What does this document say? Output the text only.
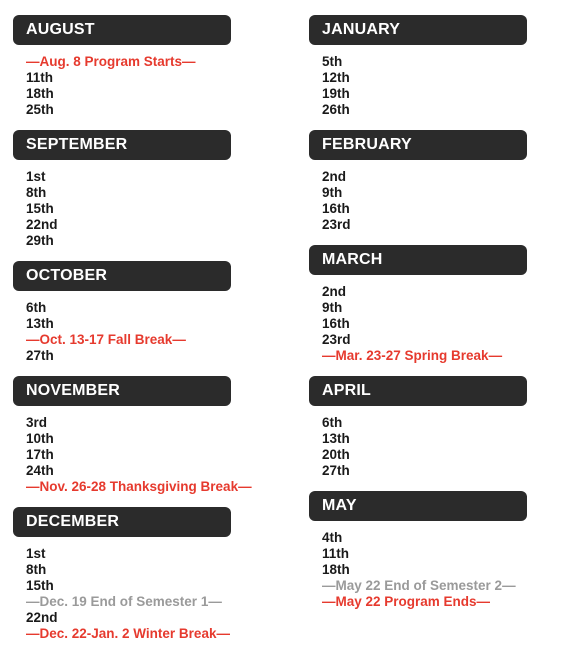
AUGUST
—Aug. 8 Program Starts—
11th
18th
25th
SEPTEMBER
1st
8th
15th
22nd
29th
OCTOBER
6th
13th
—Oct. 13-17 Fall Break—
27th
NOVEMBER
3rd
10th
17th
24th
—Nov. 26-28 Thanksgiving Break—
DECEMBER
1st
8th
15th
—Dec. 19 End of Semester 1—
22nd
—Dec. 22-Jan. 2 Winter Break—
JANUARY
5th
12th
19th
26th
FEBRUARY
2nd
9th
16th
23rd
MARCH
2nd
9th
16th
23rd
—Mar. 23-27 Spring Break—
APRIL
6th
13th
20th
27th
MAY
4th
11th
18th
—May 22 End of Semester 2—
—May 22 Program Ends—
